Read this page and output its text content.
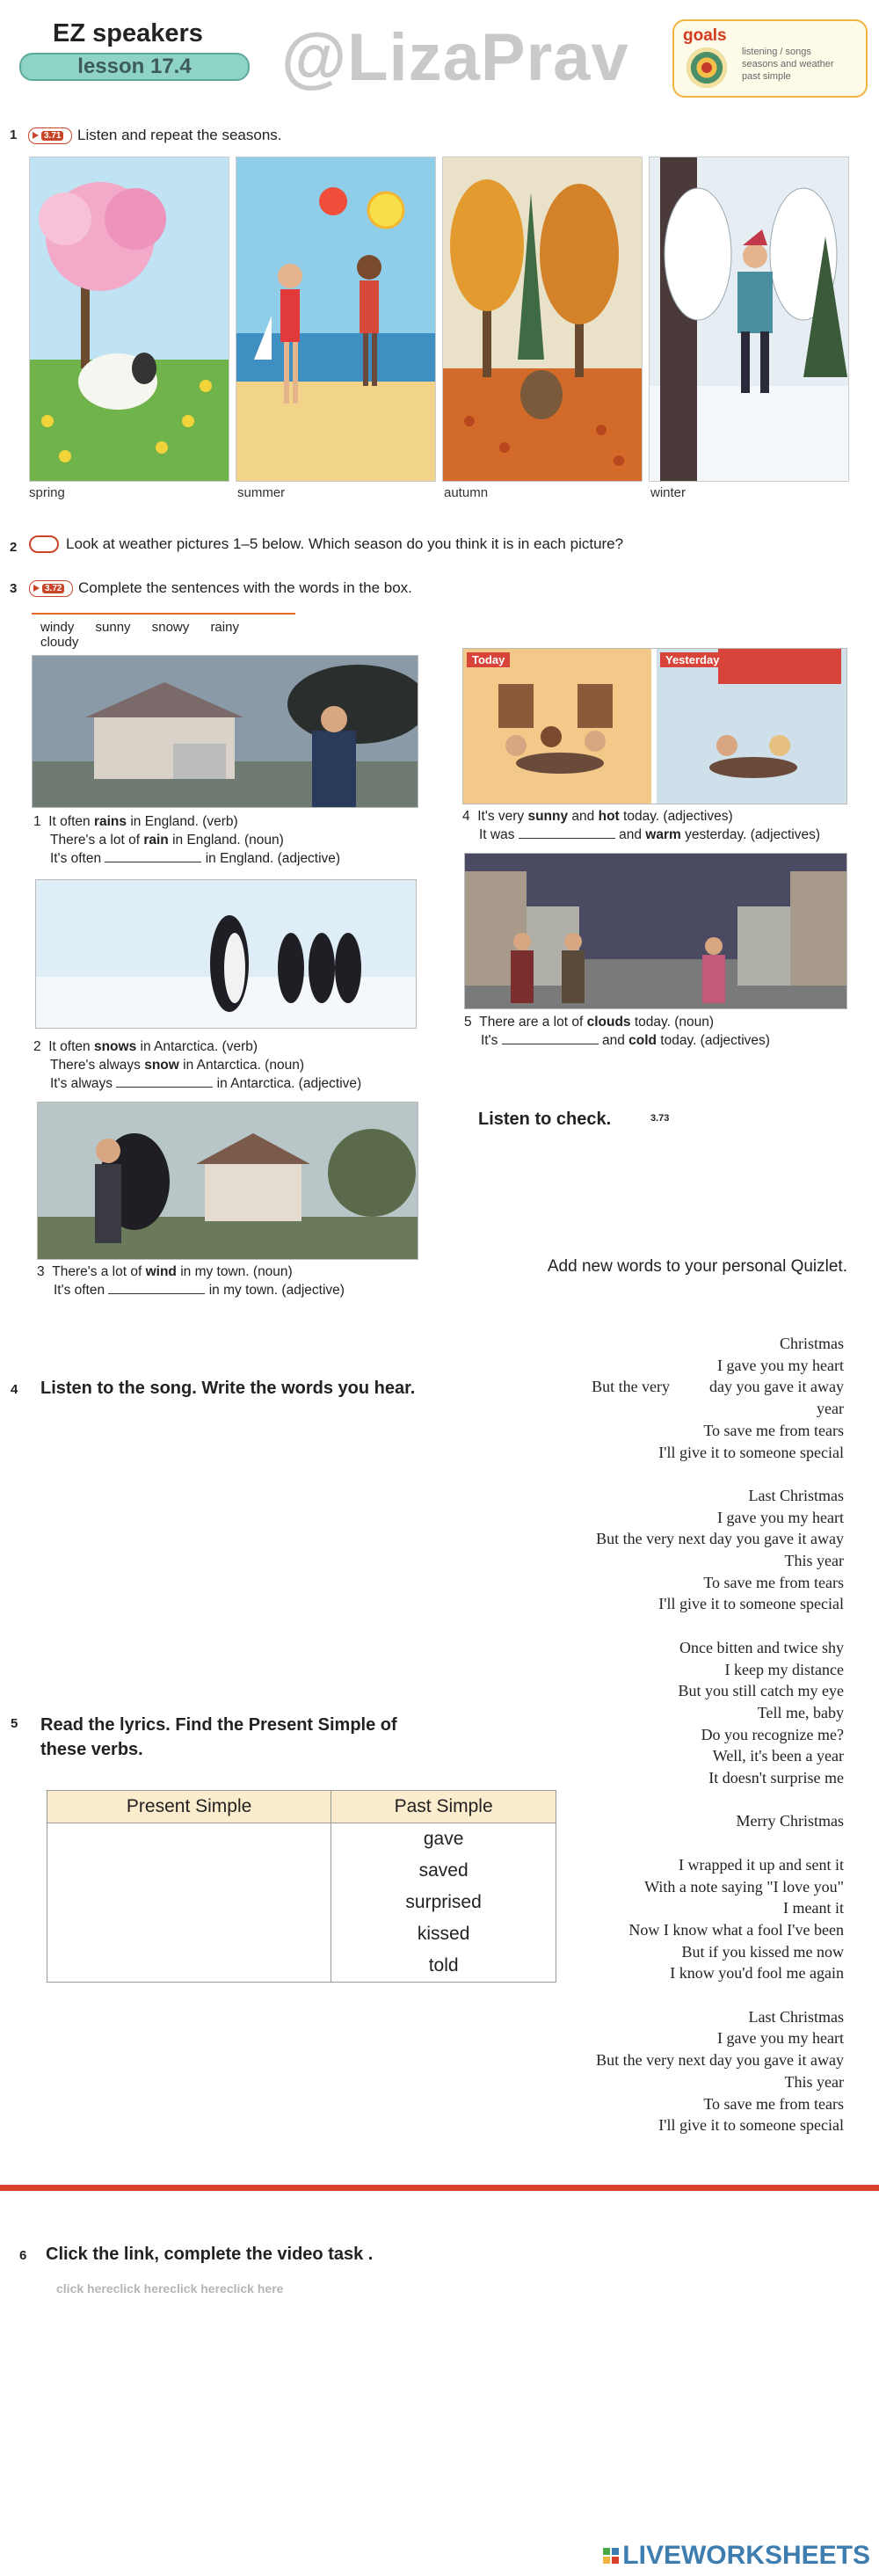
EZ speakers
lesson 17.4	@LizaPrav	goals
listening / songs
seasons and weather
past simple
1	3.71 Listen and repeat the seasons.
spring	summer	autumn	winter
2	Look at weather pictures 1–5 below. Which season do you think it is in each picture?
3	3.72 Complete the sentences with the words in the box.
windy sunny snowy rainy cloudy
1 It often rains in England. (verb)
There's a lot of rain in England. (noun)
It's often	in England. (adjective)
2 It often snows in Antarctica. (verb)
There's always snow in Antarctica. (noun)
It's always	in Antarctica. (adjective)
3 There's a lot of wind in my town. (noun)
It's often	in my town. (adjective)
Today	Yesterday
4 It's very sunny and hot today. (adjectives)
It was	and warm yesterday. (adjectives)
5 There are a lot of clouds today. (noun)
It's	and cold today. (adjectives)
Listen to check.	3.73
Add new words to your personal Quizlet.
4 Listen to the song. Write the words you hear.
Christmas
I gave you my heart
But the very          day you gave it away
year
To save me from tears
I'll give it to someone special
Last Christmas
I gave you my heart
But the very next day you gave it away
This year
To save me from tears
I'll give it to someone special
Once bitten and twice shy
I keep my distance
But you still catch my eye
Tell me, baby
Do you recognize me?
Well, it's been a year
It doesn't surprise me
Merry Christmas
I wrapped it up and sent it
With a note saying "I love you"
I meant it
Now I know what a fool I've been
But if you kissed me now
I know you'd fool me again
Last Christmas
I gave you my heart
But the very next day you gave it away
This year
To save me from tears
I'll give it to someone special
5 Read the lyrics. Find the Present Simple of these verbs.
Present Simple	Past Simple
	gave
	saved
	surprised
	kissed
	told
6 Click the link, complete the video task .
click hereclick hereclick hereclick here
LIVEWORKSHEETS
